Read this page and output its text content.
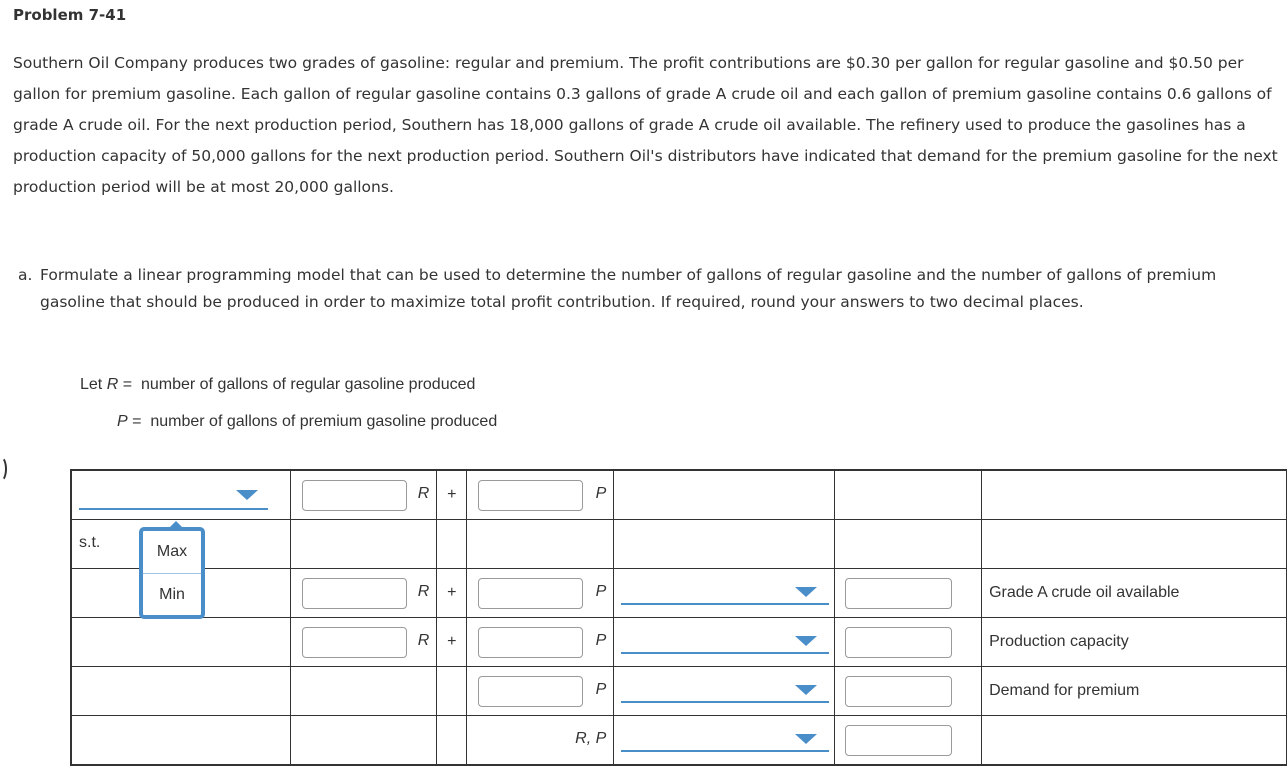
Problem 7-41

Southern Oil Company produces two grades of gasoline: regular and premium. The profit contributions are $0.30 per gallon for regular gasoline and $0.50 per gallon for premium gasoline. Each gallon of regular gasoline contains 0.3 gallons of grade A crude oil and each gallon of premium gasoline contains 0.6 gallons of grade A crude oil. For the next production period, Southern has 18,000 gallons of grade A crude oil available. The refinery used to produce the gasolines has a production capacity of 50,000 gallons for the next production period. Southern Oil's distributors have indicated that demand for the premium gasoline for the next production period will be at most 20,000 gallons.

a. Formulate a linear programming model that can be used to determine the number of gallons of regular gasoline and the number of gallons of premium gasoline that should be produced in order to maximize total profit contribution. If required, round your answers to two decimal places.
Let R = number of gallons of regular gasoline produced
P = number of gallons of premium gasoline produced

	R	+	P			

s.t.						

	R	+	P			Grade A crude oil available

	R	+	P			Production capacity

			P			Demand for premium

			R, P			

Max
Min
